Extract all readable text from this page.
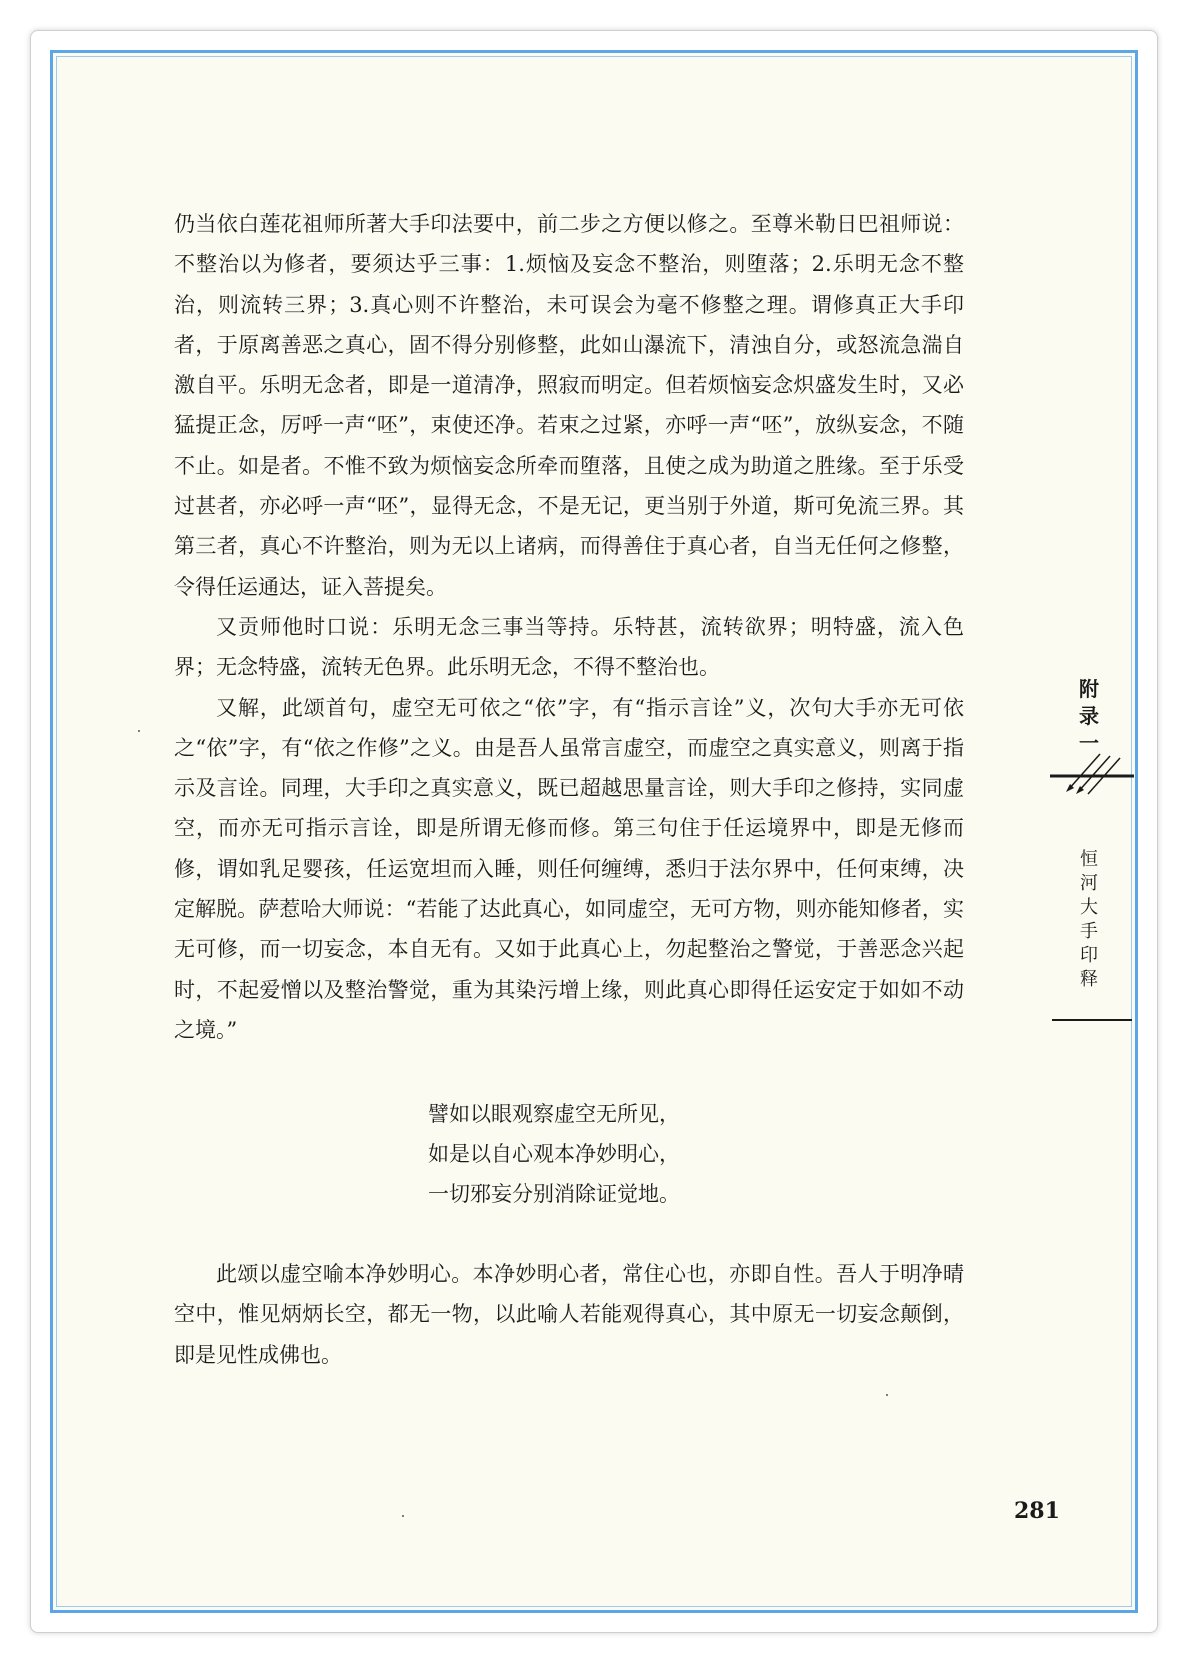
仍当依白莲花祖师所著大手印法要中，前二步之方便以修之。至尊米勒日巴祖师说：不整治以为修者，要须达乎三事：1.烦恼及妄念不整治，则堕落；2.乐明无念不整治，则流转三界；3.真心则不许整治，未可误会为毫不修整之理。谓修真正大手印者，于原离善恶之真心，固不得分别修整，此如山瀑流下，清浊自分，或怒流急湍自激自平。乐明无念者，即是一道清净，照寂而明定。但若烦恼妄念炽盛发生时，又必猛提正念，厉呼一声“呸”，束使还净。若束之过紧，亦呼一声“呸”，放纵妄念，不随不止。如是者。不惟不致为烦恼妄念所牵而堕落，且使之成为助道之胜缘。至于乐受过甚者，亦必呼一声“呸”，显得无念，不是无记，更当别于外道，斯可免流三界。其第三者，真心不许整治，则为无以上诸病，而得善住于真心者，自当无任何之修整，令得任运通达，证入菩提矣。

又贡师他时口说：乐明无念三事当等持。乐特甚，流转欲界；明特盛，流入色界；无念特盛，流转无色界。此乐明无念，不得不整治也。

又解，此颂首句，虚空无可依之“依”字，有“指示言诠”义，次句大手亦无可依之“依”字，有“依之作修”之义。由是吾人虽常言虚空，而虚空之真实意义，则离于指示及言诠。同理，大手印之真实意义，既已超越思量言诠，则大手印之修持，实同虚空，而亦无可指示言诠，即是所谓无修而修。第三句住于任运境界中，即是无修而修，谓如乳足婴孩，任运宽坦而入睡，则任何缠缚，悉归于法尔界中，任何束缚，决定解脱。萨惹哈大师说：“若能了达此真心，如同虚空，无可方物，则亦能知修者，实无可修，而一切妄念，本自无有。又如于此真心上，勿起整治之警觉，于善恶念兴起时，不起爱憎以及整治警觉，重为其染污增上缘，则此真心即得任运安定于如如不动之境。”

譬如以眼观察虚空无所见，
如是以自心观本净妙明心，
一切邪妄分别消除证觉地。

此颂以虚空喻本净妙明心。本净妙明心者，常住心也，亦即自性。吾人于明净晴空中，惟见炳炳长空，都无一物，以此喻人若能观得真心，其中原无一切妄念颠倒，即是见性成佛也。

附
录
一
恒
河
大
手
印
释
281
